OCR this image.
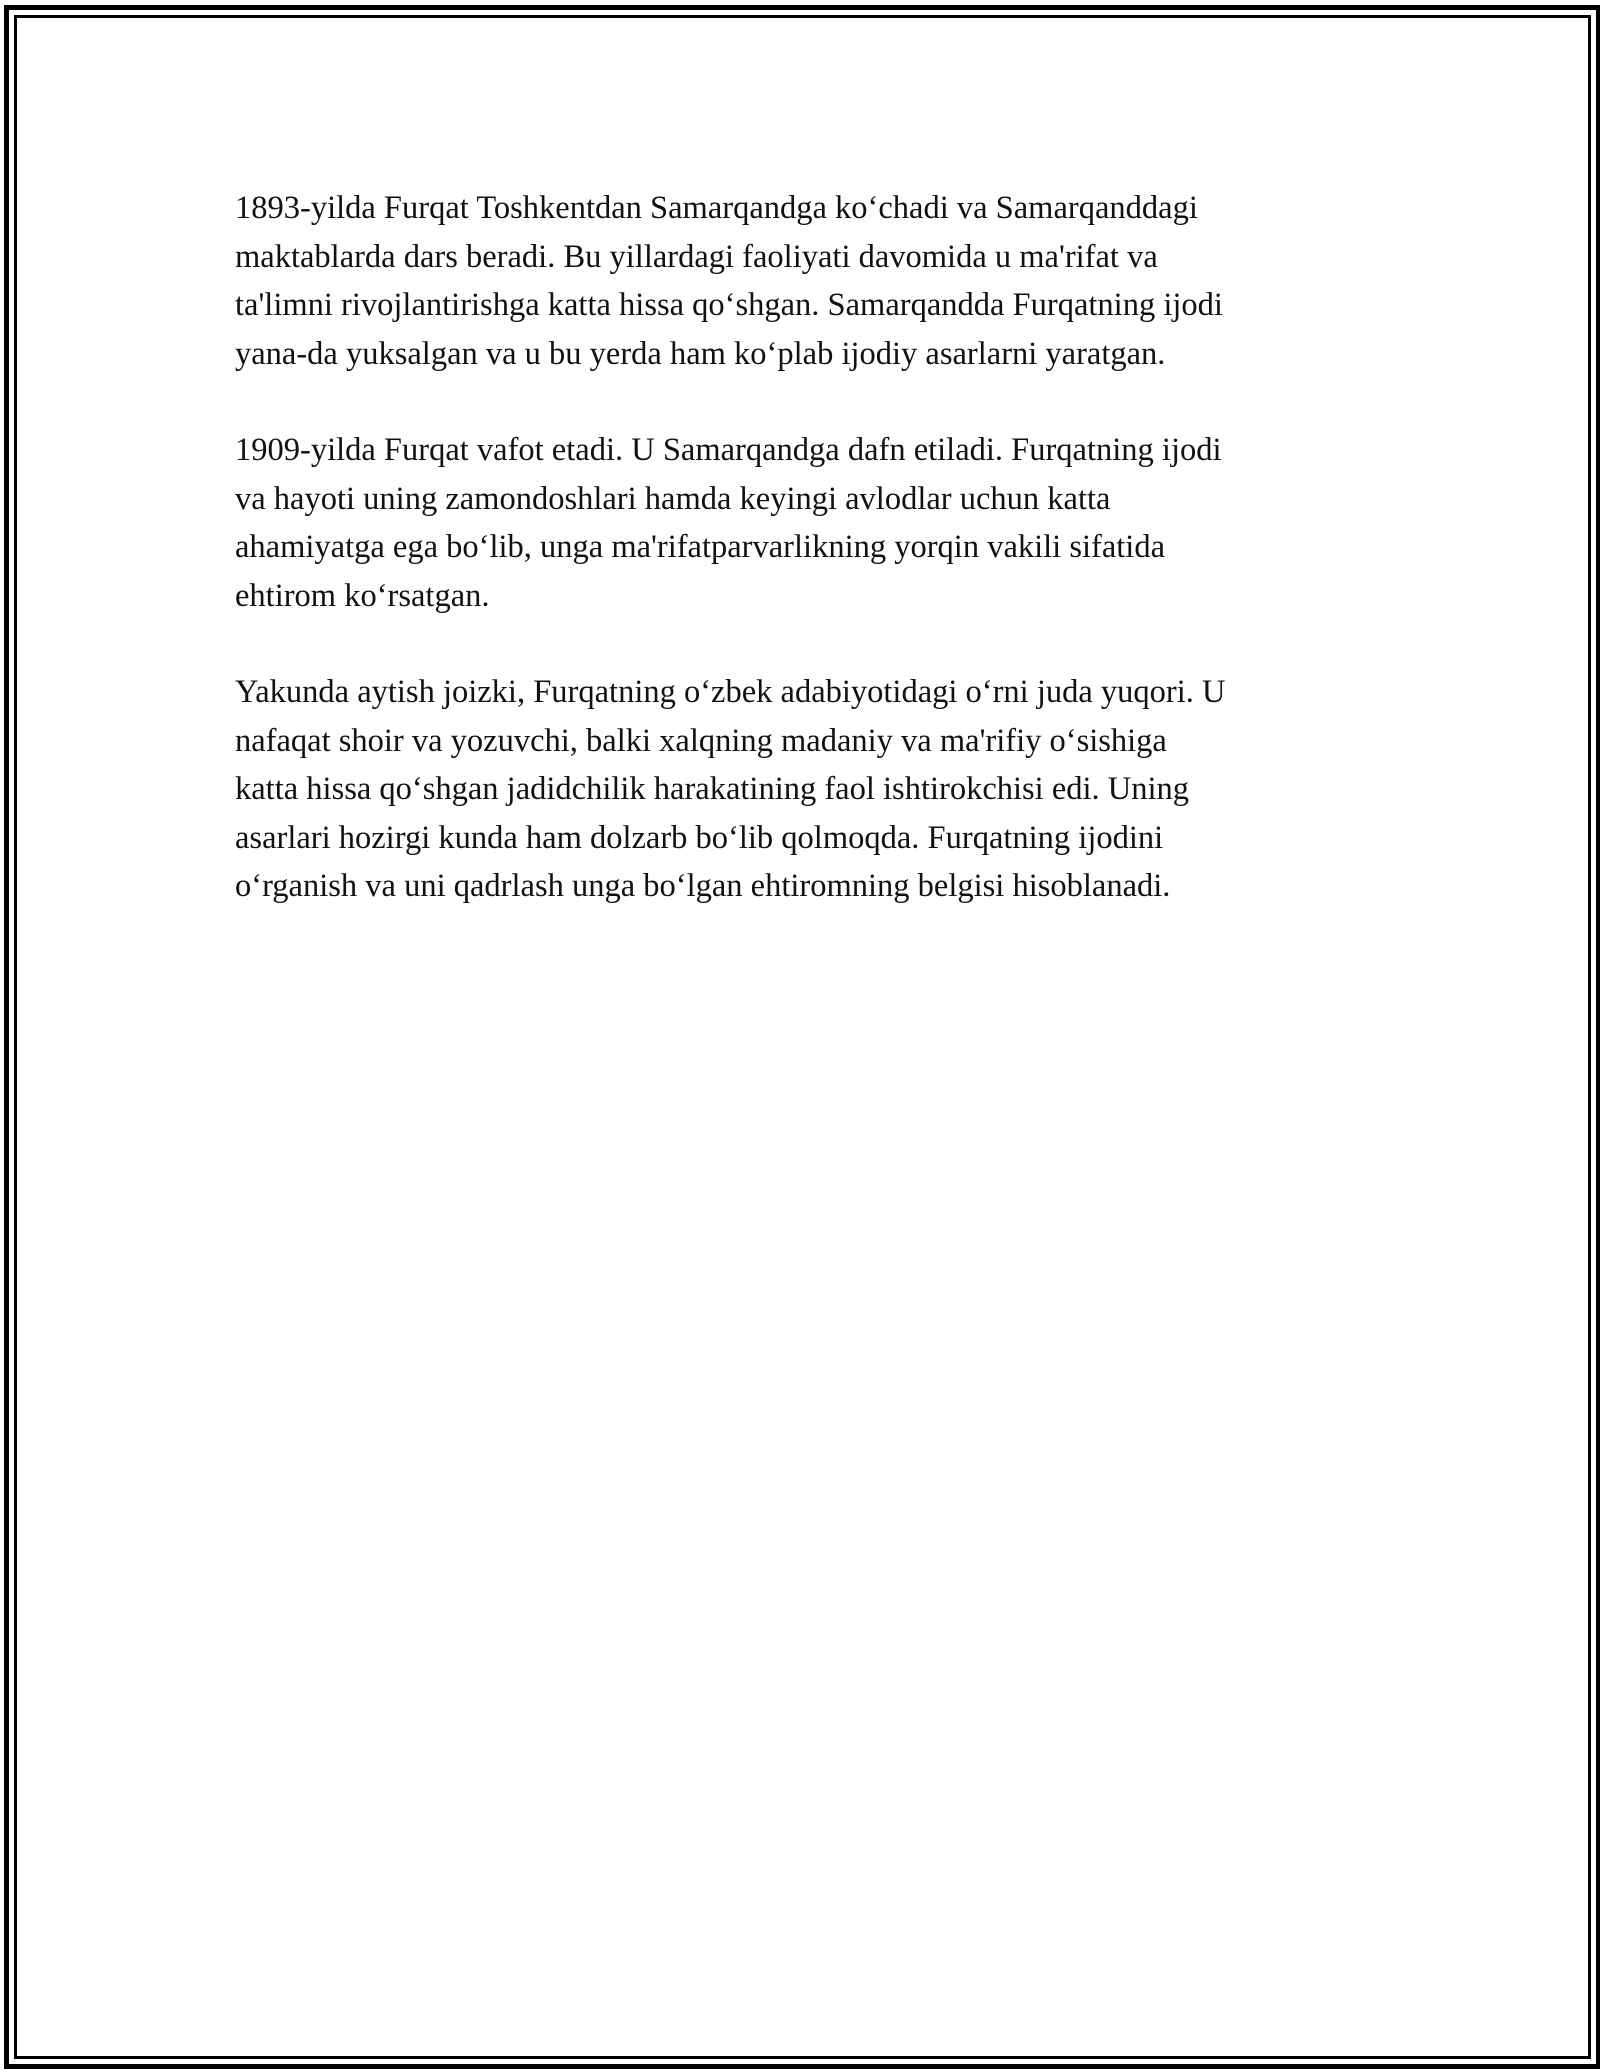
1893-yilda Furqat Toshkentdan Samarqandga ko‘chadi va Samarqanddagi
maktablarda dars beradi. Bu yillardagi faoliyati davomida u ma'rifat va
ta'limni rivojlantirishga katta hissa qo‘shgan. Samarqandda Furqatning ijodi
yana-da yuksalgan va u bu yerda ham ko‘plab ijodiy asarlarni yaratgan.

1909-yilda Furqat vafot etadi. U Samarqandga dafn etiladi. Furqatning ijodi
va hayoti uning zamondoshlari hamda keyingi avlodlar uchun katta
ahamiyatga ega bo‘lib, unga ma'rifatparvarlikning yorqin vakili sifatida
ehtirom ko‘rsatgan.

Yakunda aytish joizki, Furqatning o‘zbek adabiyotidagi o‘rni juda yuqori. U
nafaqat shoir va yozuvchi, balki xalqning madaniy va ma'rifiy o‘sishiga
katta hissa qo‘shgan jadidchilik harakatining faol ishtirokchisi edi. Uning
asarlari hozirgi kunda ham dolzarb bo‘lib qolmoqda. Furqatning ijodini
o‘rganish va uni qadrlash unga bo‘lgan ehtiromning belgisi hisoblanadi.
